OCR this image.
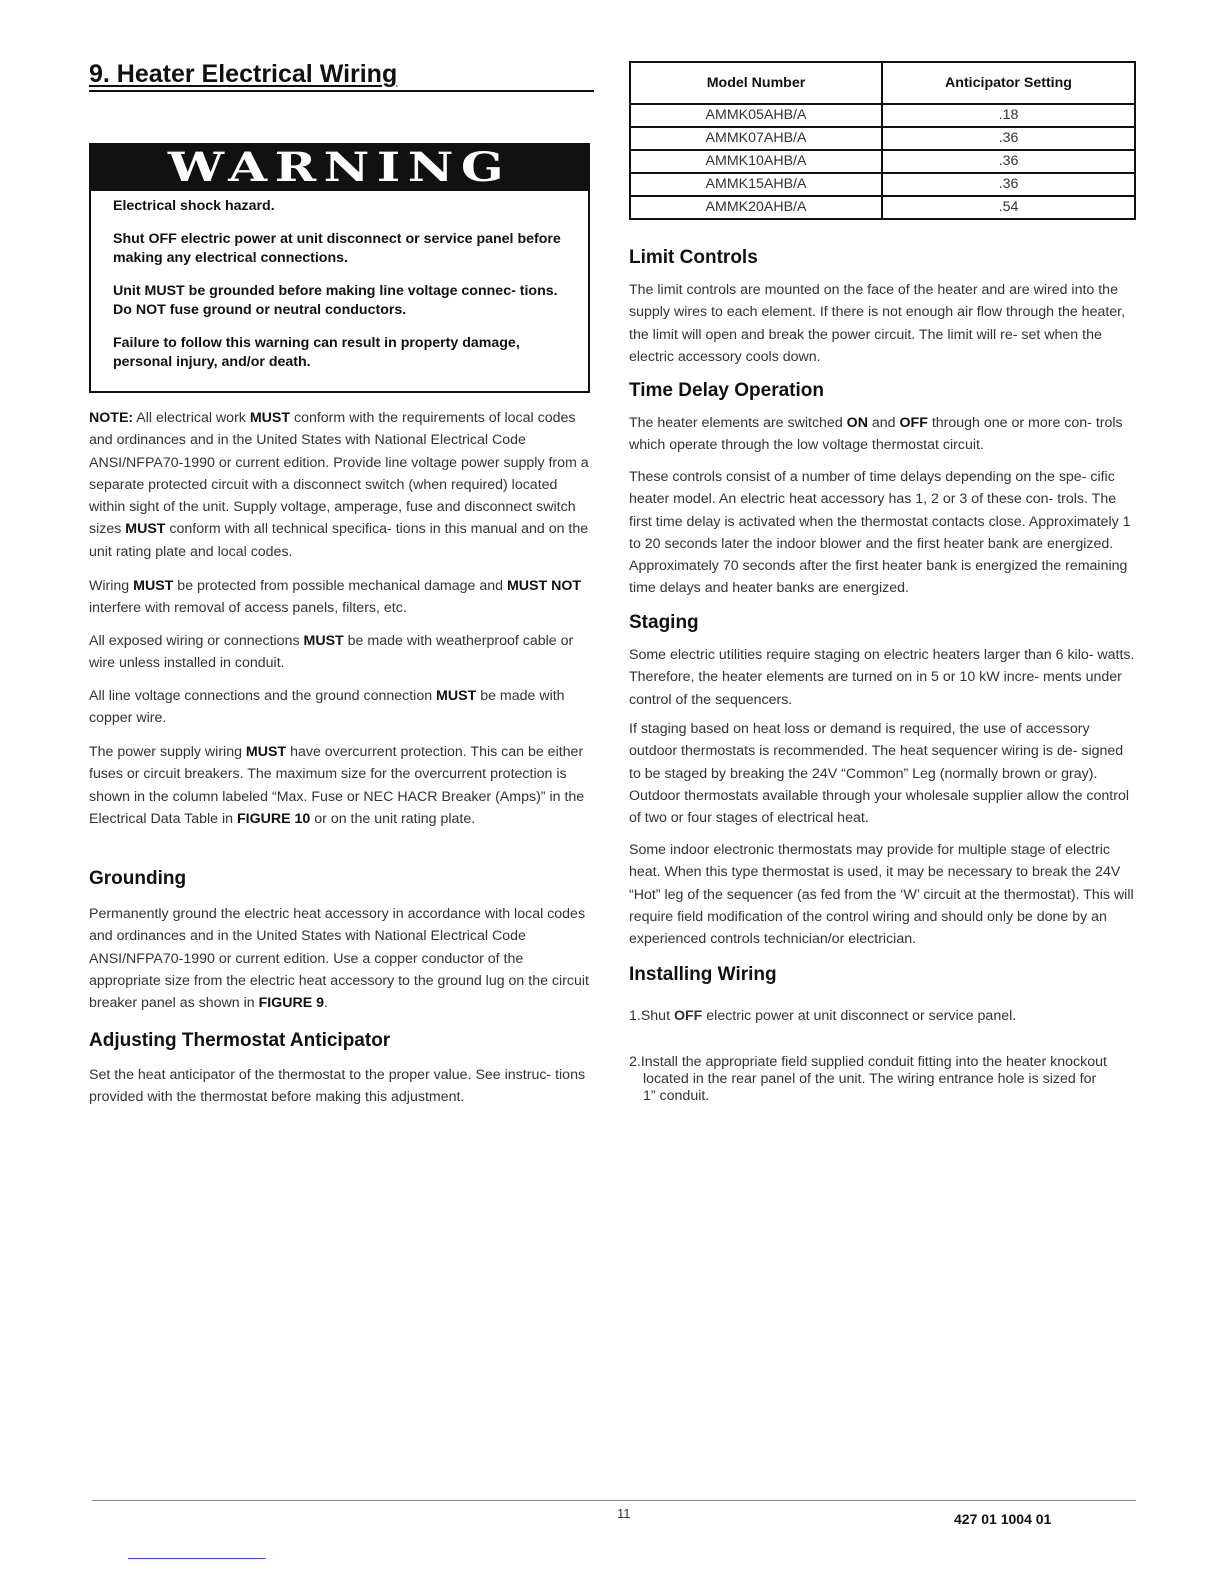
9. Heater Electrical Wiring
WARNING

Electrical shock hazard.

Shut OFF electric power at unit disconnect or service panel before making any electrical connections.

Unit MUST be grounded before making line voltage connec- tions. Do NOT fuse ground or neutral conductors.

Failure to follow this warning can result in property damage, personal injury, and/or death.

NOTE: All electrical work MUST conform with the requirements of local codes and ordinances and in the United States with National Electrical Code ANSI/NFPA70-1990 or current edition. Provide line voltage power supply from a separate protected circuit with a disconnect switch (when required) located within sight of the unit. Supply voltage, amperage, fuse and disconnect switch sizes MUST conform with all technical specifica- tions in this manual and on the unit rating plate and local codes.

Wiring MUST be protected from possible mechanical damage and MUST NOT interfere with removal of access panels, filters, etc.

All exposed wiring or connections MUST be made with weatherproof cable or wire unless installed in conduit.

All line voltage connections and the ground connection MUST be made with copper wire.

The power supply wiring MUST have overcurrent protection. This can be either fuses or circuit breakers. The maximum size for the overcurrent protection is shown in the column labeled “Max. Fuse or NEC HACR Breaker (Amps)” in the Electrical Data Table in FIGURE 10 or on the unit rating plate.

Grounding

Permanently ground the electric heat accessory in accordance with local codes and ordinances and in the United States with National Electrical Code ANSI/NFPA70-1990 or current edition. Use a copper conductor of the appropriate size from the electric heat accessory to the ground lug on the circuit breaker panel as shown in FIGURE 9.

Adjusting Thermostat Anticipator

Set the heat anticipator of the thermostat to the proper value. See instruc- tions provided with the thermostat before making this adjustment.

Model Number	Anticipator Setting
AMMK05AHB/A	.18
AMMK07AHB/A	.36
AMMK10AHB/A	.36
AMMK15AHB/A	.36
AMMK20AHB/A	.54
Limit Controls

The limit controls are mounted on the face of the heater and are wired into the supply wires to each element. If there is not enough air flow through the heater, the limit will open and break the power circuit. The limit will re- set when the electric accessory cools down.

Time Delay Operation

The heater elements are switched ON and OFF through one or more con- trols which operate through the low voltage thermostat circuit.

These controls consist of a number of time delays depending on the spe- cific heater model. An electric heat accessory has 1, 2 or 3 of these con- trols. The first time delay is activated when the thermostat contacts close. Approximately 1 to 20 seconds later the indoor blower and the first heater bank are energized. Approximately 70 seconds after the first heater bank is energized the remaining time delays and heater banks are energized.

Staging

Some electric utilities require staging on electric heaters larger than 6 kilo- watts. Therefore, the heater elements are turned on in 5 or 10 kW incre- ments under control of the sequencers.

If staging based on heat loss or demand is required, the use of accessory outdoor thermostats is recommended. The heat sequencer wiring is de- signed to be staged by breaking the 24V “Common” Leg (normally brown or gray). Outdoor thermostats available through your wholesale supplier allow the control of two or four stages of electrical heat.

Some indoor electronic thermostats may provide for multiple stage of electric heat. When this type thermostat is used, it may be necessary to break the 24V “Hot” leg of the sequencer (as fed from the ‘W’ circuit at the thermostat). This will require field modification of the control wiring and should only be done by an experienced controls technician/or electrician.

Installing Wiring
1.Shut OFF electric power at unit disconnect or service panel.
2.Install the appropriate field supplied conduit fitting into the heater knockout located in the rear panel of the unit. The wiring entrance hole is sized for 1” conduit.
11	427 01 1004 01
